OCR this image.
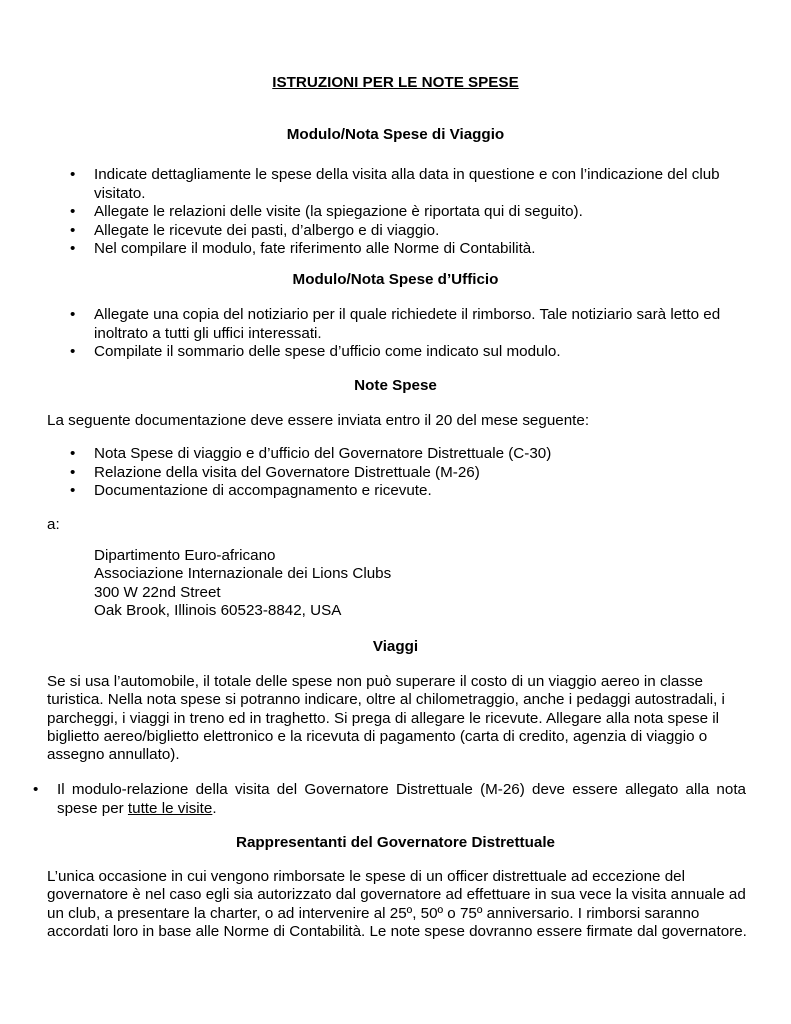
ISTRUZIONI PER LE NOTE SPESE
Modulo/Nota Spese di Viaggio
• Indicate dettagliamente le spese della visita alla data in questione e con l’indicazione del club visitato.
• Allegate le relazioni delle visite (la spiegazione è riportata qui di seguito).
• Allegate le ricevute dei pasti, d’albergo e di viaggio.
• Nel compilare il modulo, fate riferimento alle Norme di Contabilità.
Modulo/Nota Spese d’Ufficio
• Allegate una copia del notiziario per il quale richiedete il rimborso. Tale notiziario sarà letto ed inoltrato a tutti gli uffici interessati.
• Compilate il sommario delle spese d’ufficio come indicato sul modulo.
Note Spese

La seguente documentazione deve essere inviata entro il 20 del mese seguente:

• Nota Spese di viaggio e d’ufficio del Governatore Distrettuale (C-30)
• Relazione della visita del Governatore Distrettuale (M-26)
• Documentazione di accompagnamento e ricevute.

a:

Dipartimento Euro-africano
Associazione Internazionale dei Lions Clubs
300 W 22nd Street
Oak Brook, Illinois 60523-8842, USA
Viaggi

Se si usa l’automobile, il totale delle spese non può superare il costo di un viaggio aereo in classe turistica. Nella nota spese si potranno indicare, oltre al chilometraggio, anche i pedaggi autostradali, i parcheggi, i viaggi in treno ed in traghetto. Si prega di allegare le ricevute. Allegare alla nota spese il biglietto aereo/biglietto elettronico e la ricevuta di pagamento (carta di credito, agenzia di viaggio o assegno annullato).

• Il modulo-relazione della visita del Governatore Distrettuale (M-26) deve essere allegato alla nota spese per tutte le visite.
Rappresentanti del Governatore Distrettuale

L’unica occasione in cui vengono rimborsate le spese di un officer distrettuale ad eccezione del governatore è nel caso egli sia autorizzato dal governatore ad effettuare in sua vece la visita annuale ad un club, a presentare la charter, o ad intervenire al 25º, 50º o 75º anniversario. I rimborsi saranno accordati loro in base alle Norme di Contabilità. Le note spese dovranno essere firmate dal governatore.
